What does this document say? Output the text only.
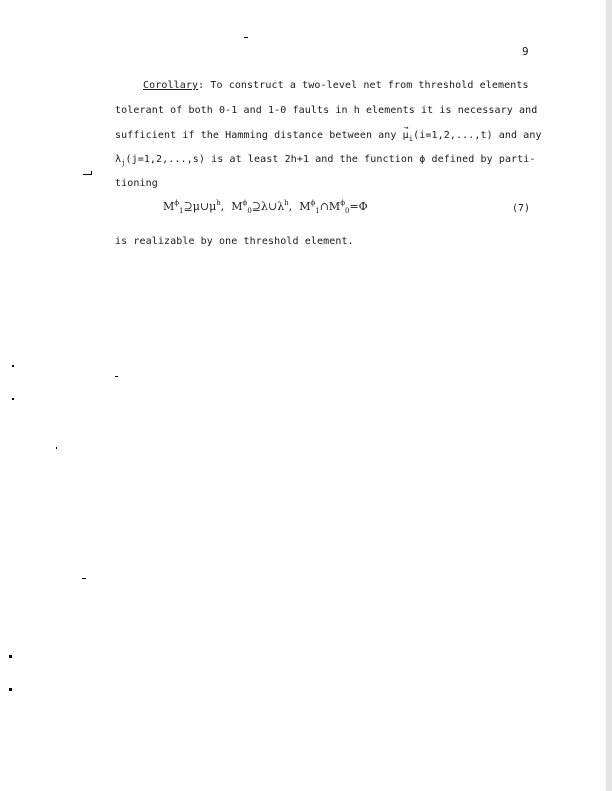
9
Corollary: To construct a two-level net from threshold elements
tolerant of both 0-1 and 1-0 faults in h elements it is necessary and
sufficient if the Hamming distance between any
→
$\mu_i(i=1,2,...,t)$ and any
$\lambda_j(j=1,2,...,s)$ is at least 2h+1 and the function ϕ defined by parti-
tioning
$M^\phi_1⊇\mu\cup\mu^h$, $M^\phi_0⊇\lambda\cup\lambda^h$, $M^\phi_1\cap M^\phi_0=\Phi$	(7)
is realizable by one threshold element.
